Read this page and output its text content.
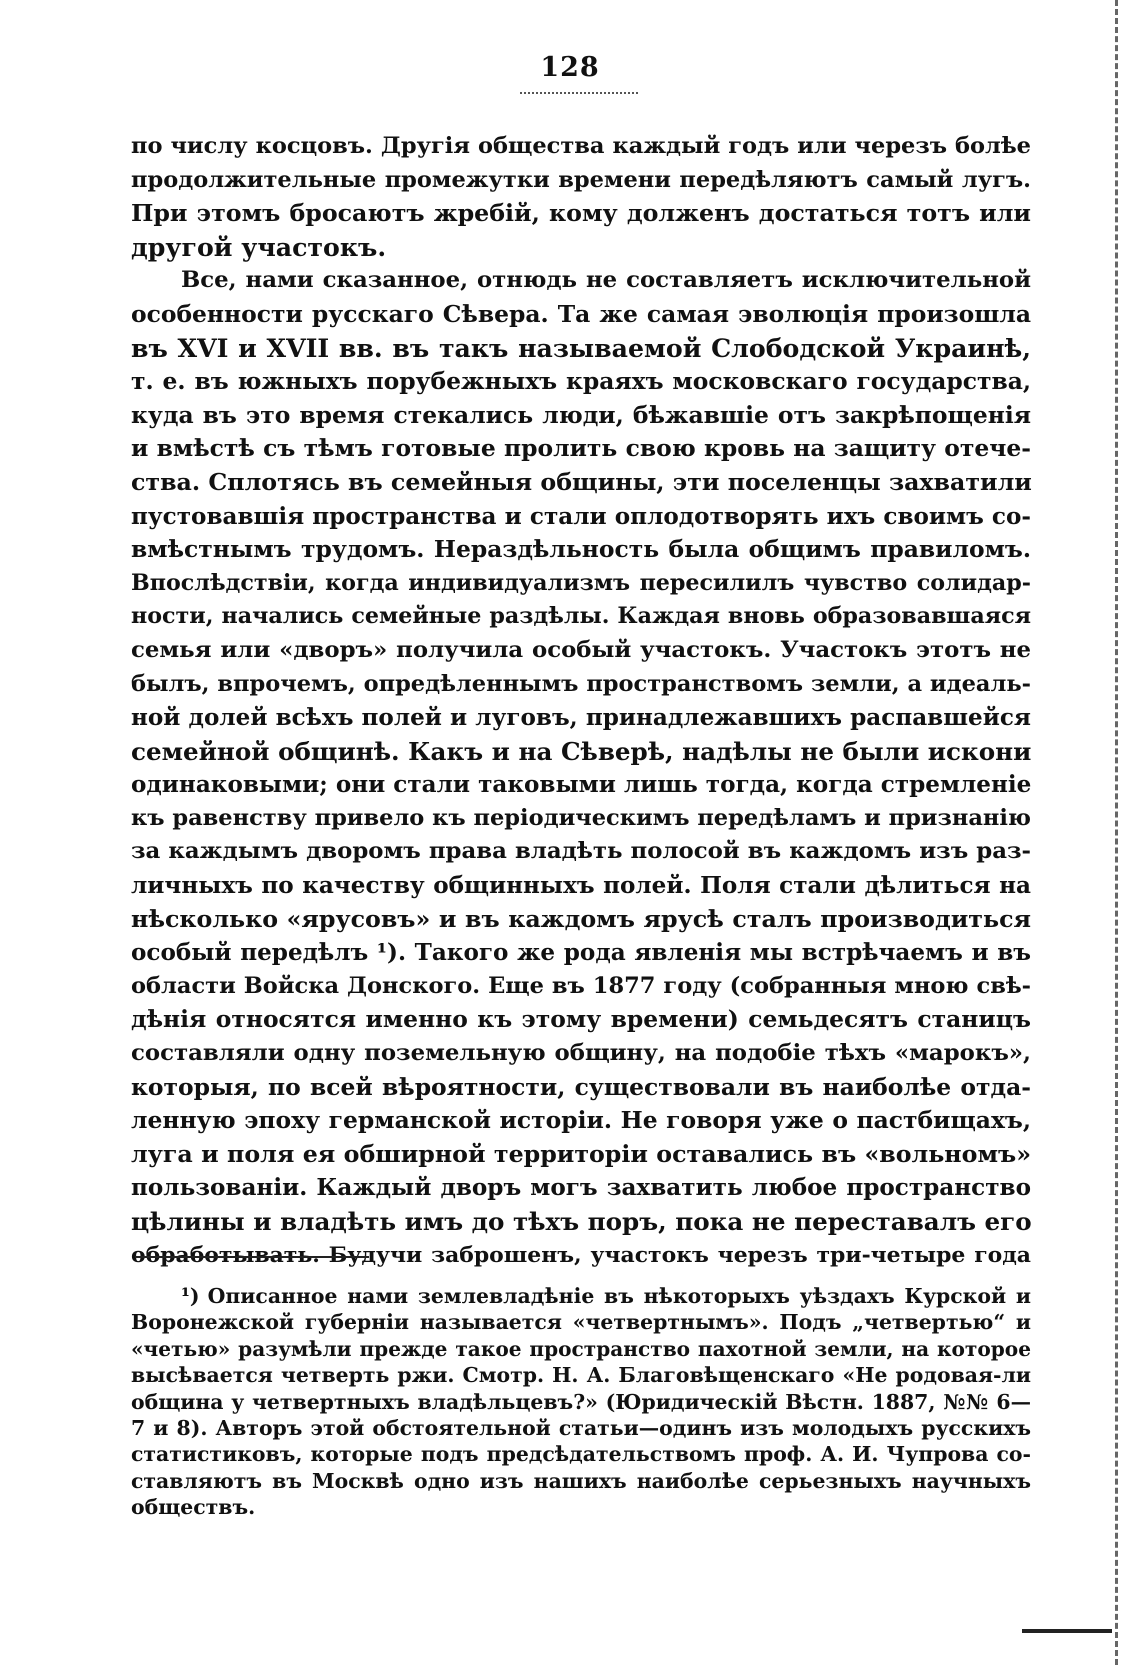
128
по числу косцовъ. Другія общества каждый годъ или черезъ болѣе
продолжительные промежутки времени передѣляютъ самый лугъ.
При этомъ бросаютъ жребій, кому долженъ достаться тотъ или
другой участокъ.
Все, нами сказанное, отнюдь не составляетъ исключительной
особенности русскаго Сѣвера. Та же самая эволюція произошла
въ XVI и XVII вв. въ такъ называемой Слободской Украинѣ,
т. е. въ южныхъ порубежныхъ краяхъ московскаго государства,
куда въ это время стекались люди, бѣжавшіе отъ закрѣпощенія
и вмѣстѣ съ тѣмъ готовые пролить свою кровь на защиту отече-
ства. Сплотясь въ семейныя общины, эти поселенцы захватили
пустовавшія пространства и стали оплодотворять ихъ своимъ со-
вмѣстнымъ трудомъ. Нераздѣльность была общимъ правиломъ.
Впослѣдствіи, когда индивидуализмъ пересилилъ чувство солидар-
ности, начались семейные раздѣлы. Каждая вновь образовавшаяся
семья или «дворъ» получила особый участокъ. Участокъ этотъ не
былъ, впрочемъ, опредѣленнымъ пространствомъ земли, а идеаль-
ной долей всѣхъ полей и луговъ, принадлежавшихъ распавшейся
семейной общинѣ. Какъ и на Сѣверѣ, надѣлы не были искони
одинаковыми; они стали таковыми лишь тогда, когда стремленіе
къ равенству привело къ періодическимъ передѣламъ и признанію
за каждымъ дворомъ права владѣть полосой въ каждомъ изъ раз-
личныхъ по качеству общинныхъ полей. Поля стали дѣлиться на
нѣсколько «ярусовъ» и въ каждомъ ярусѣ сталъ производиться
особый передѣлъ ¹). Такого же рода явленія мы встрѣчаемъ и въ
области Войска Донского. Еще въ 1877 году (собранныя мною свѣ-
дѣнія относятся именно къ этому времени) семьдесятъ станицъ
составляли одну поземельную общину, на подобіе тѣхъ «марокъ»,
которыя, по всей вѣроятности, существовали въ наиболѣе отда-
ленную эпоху германской исторіи. Не говоря уже о пастбищахъ,
луга и поля ея обширной территоріи оставались въ «вольномъ»
пользованіи. Каждый дворъ могъ захватить любое пространство
цѣлины и владѣть имъ до тѣхъ поръ, пока не переставалъ его
обработывать. Будучи заброшенъ, участокъ черезъ три-четыре года
¹) Описанное нами землевладѣніе въ нѣкоторыхъ уѣздахъ Курской и
Воронежской губерніи называется «четвертнымъ». Подъ „четвертью“ и
«четью» разумѣли прежде такое пространство пахотной земли, на которое
высѣвается четверть ржи. Смотр. Н. А. Благовѣщенскаго «Не родовая-ли
община у четвертныхъ владѣльцевъ?» (Юридическій Вѣстн. 1887, №№ 6—
7 и 8). Авторъ этой обстоятельной статьи—одинъ изъ молодыхъ русскихъ
статистиковъ, которые подъ предсѣдательствомъ проф. А. И. Чупрова со-
ставляютъ въ Москвѣ одно изъ нашихъ наиболѣе серьезныхъ научныхъ
обществъ.
